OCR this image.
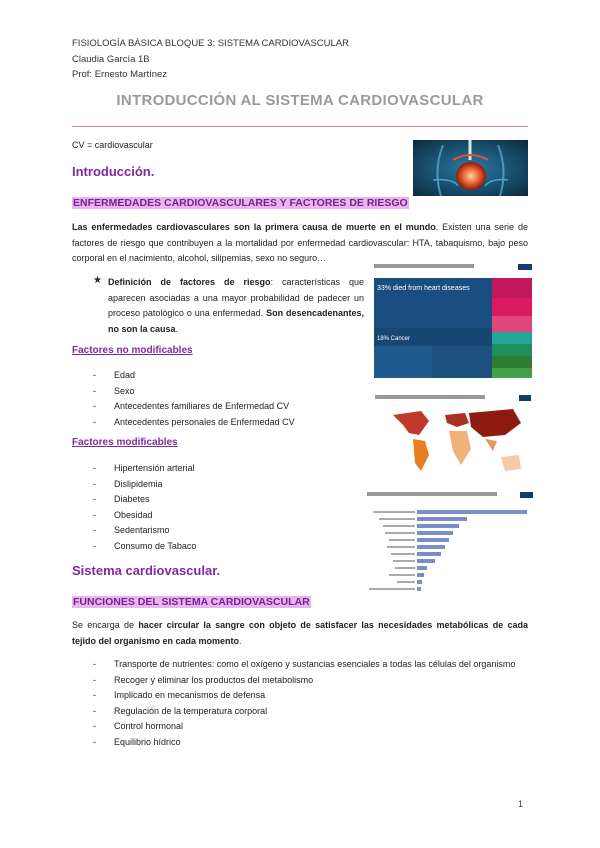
FISIOLOGÍA BÁSICA BLOQUE 3: SISTEMA CARDIOVASCULAR
Claudia García 1B
Prof: Ernesto Martínez
INTRODUCCIÓN AL SISTEMA CARDIOVASCULAR
CV = cardiovascular
Introducción.
ENFERMEDADES CARDIOVASCULARES Y FACTORES DE RIESGO
Las enfermedades cardiovasculares son la primera causa de muerte en el mundo. Existen una serie de factores de riesgo que contribuyen a la mortalidad por enfermedad cardiovascular: HTA, tabaquismo, bajo peso corporal en el nacimiento, alcohol, silipemias, sexo no seguro…
★ Definición de factores de riesgo: características que aparecen asociadas a una mayor probabilidad de padecer un proceso patológico o una enfermedad. Son desencadenantes, no son la causa.
33% died from heart diseases
18% Cancer
Factores no modificables
- Edad
- Sexo
- Antecedentes familiares de Enfermedad CV
- Antecedentes personales de Enfermedad CV
Factores modificables
- Hipertensión arterial
- Dislipidemia
- Diabetes
- Obesidad
- Sedentarismo
- Consumo de Tabaco
Sistema cardiovascular.
FUNCIONES DEL SISTEMA CARDIOVASCULAR
Se encarga de hacer circular la sangre con objeto de satisfacer las necesidades metabólicas de cada tejido del organismo en cada momento.
- Transporte de nutrientes: como el oxígeno y sustancias esenciales a todas las células del organismo
- Recoger y eliminar los productos del metabolismo
- Implicado en mecanismos de defensa
- Regulación de la temperatura corporal
- Control hormonal
- Equilibrio hídrico
1
